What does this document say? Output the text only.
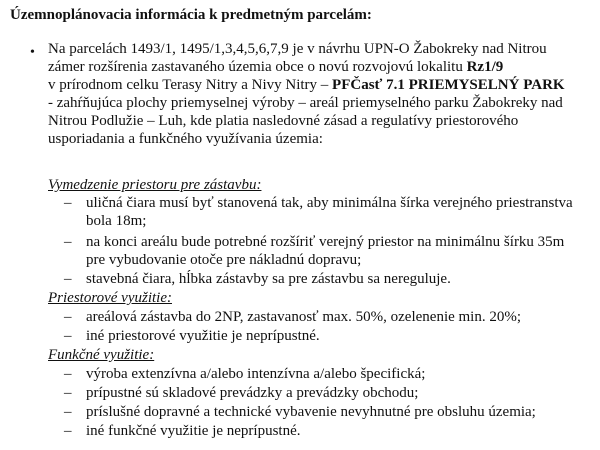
Územnoplánovacia informácia k predmetným parcelám:
• Na parcelách 1493/1, 1495/1,3,4,5,6,7,9 je v návrhu UPN-O Žabokreky nad Nitrou
zámer rozšírenia zastavaného územia obce o novú rozvojovú lokalitu Rz1/9
v prírodnom celku Terasy Nitry a Nivy Nitry – PFČasť 7.1 PRIEMYSELNÝ PARK
- zahŕňujúca plochy priemyselnej výroby – areál priemyselného parku Žabokreky nad
Nitrou Podlužie – Luh, kde platia nasledovné zásad a regulatívy priestorového
usporiadania a funkčného využívania územia:
Vymedzenie priestoru pre zástavbu:
– uličná čiara musí byť stanovená tak, aby minimálna šírka verejného priestranstva
bola 18m;
– na konci areálu bude potrebné rozšíriť verejný priestor na minimálnu šírku 35m
pre vybudovanie otoče pre nákladnú dopravu;
– stavebná čiara, hĺbka zástavby sa pre zástavbu sa nereguluje.
Priestorové využitie:
– areálová zástavba do 2NP, zastavanosť max. 50%, ozelenenie min. 20%;
– iné priestorové využitie je neprípustné.
Funkčné využitie:
– výroba extenzívna a/alebo intenzívna a/alebo špecifická;
– prípustné sú skladové prevádzky a prevádzky obchodu;
– príslušné dopravné a technické vybavenie nevyhnutné pre obsluhu územia;
– iné funkčné využitie je neprípustné.
